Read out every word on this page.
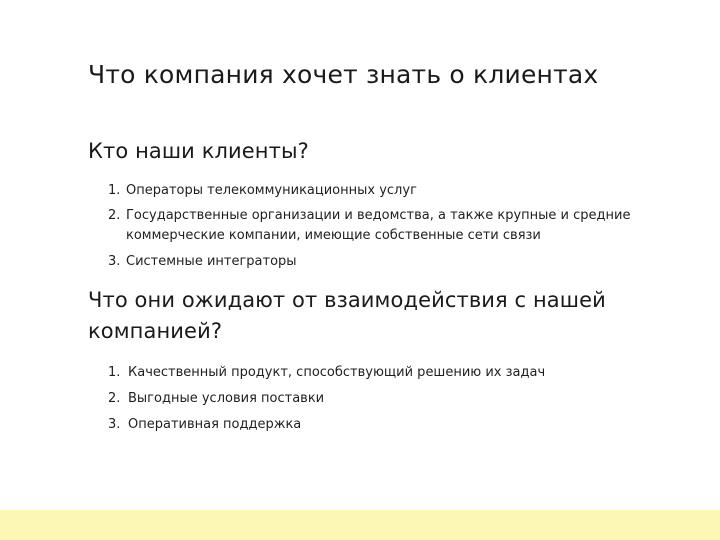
Что компания хочет знать о клиентах
Кто наши клиенты?
1. Операторы телекоммуникационных услуг
2. Государственные организации и ведомства, а также крупные и средние коммерческие компании, имеющие собственные сети связи
3. Системные интеграторы
Что они ожидают от взаимодействия с нашей компанией?
1. Качественный продукт, способствующий решению их задач
2. Выгодные условия поставки
3. Оперативная поддержка
